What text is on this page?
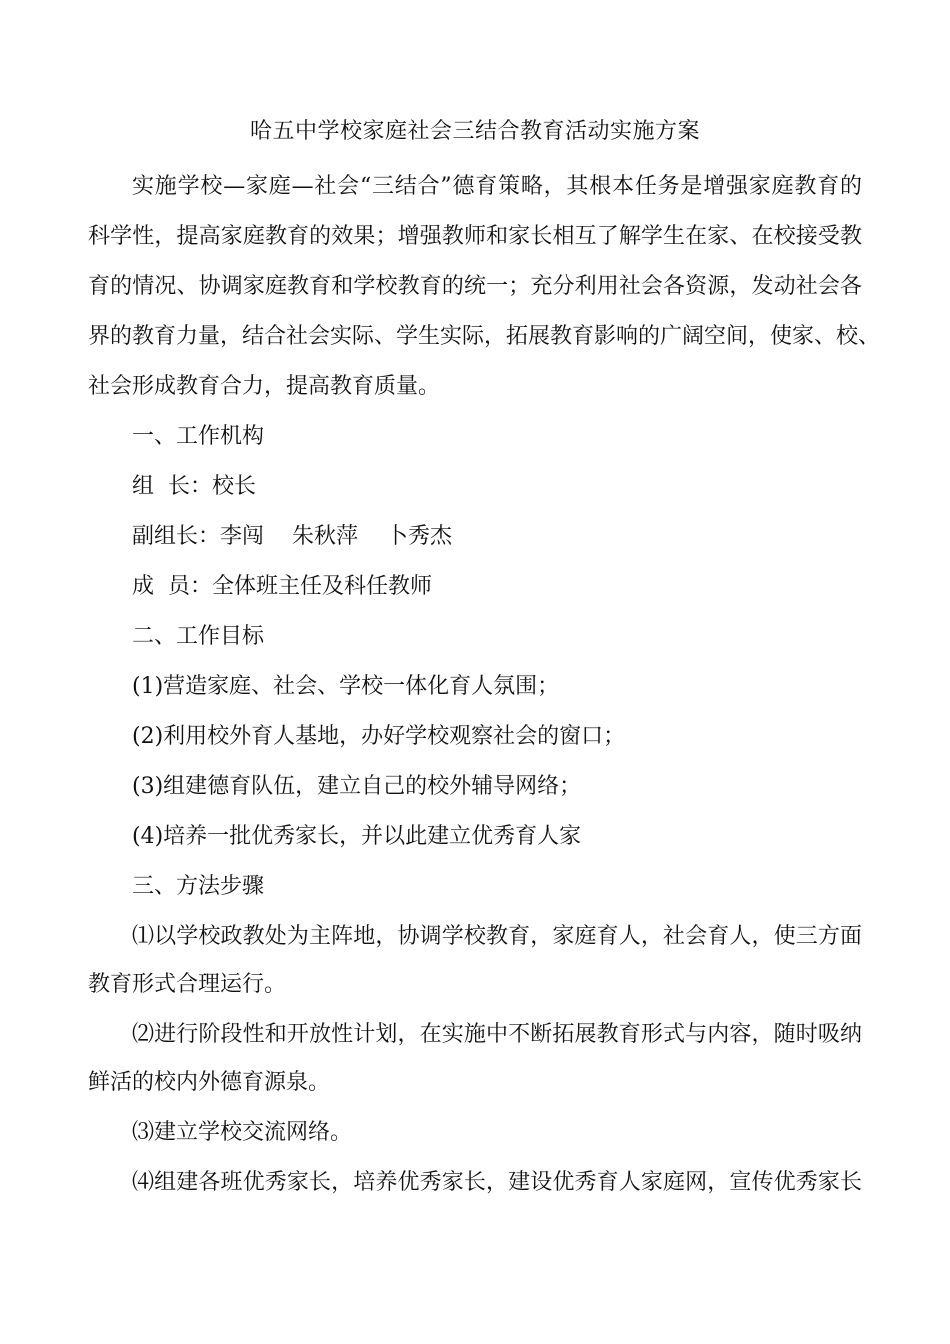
哈五中学校家庭社会三结合教育活动实施方案
实施学校—家庭—社会“三结合”德育策略，其根本任务是增强家庭教育的
科学性，提高家庭教育的效果；增强教师和家长相互了解学生在家、在校接受教
育的情况、协调家庭教育和学校教育的统一；充分利用社会各资源，发动社会各
界的教育力量，结合社会实际、学生实际，拓展教育影响的广阔空间，使家、校、
社会形成教育合力，提高教育质量。
一、工作机构
组  长：校长
副组长：李闯    朱秋萍    卜秀杰
成  员：全体班主任及科任教师
二、工作目标
(1)营造家庭、社会、学校一体化育人氛围；
(2)利用校外育人基地，办好学校观察社会的窗口；
(3)组建德育队伍，建立自己的校外辅导网络；
(4)培养一批优秀家长，并以此建立优秀育人家
三、方法步骤
⑴以学校政教处为主阵地，协调学校教育，家庭育人，社会育人，使三方面
教育形式合理运行。
⑵进行阶段性和开放性计划，在实施中不断拓展教育形式与内容，随时吸纳
鲜活的校内外德育源泉。
⑶建立学校交流网络。
⑷组建各班优秀家长，培养优秀家长，建设优秀育人家庭网，宣传优秀家长
